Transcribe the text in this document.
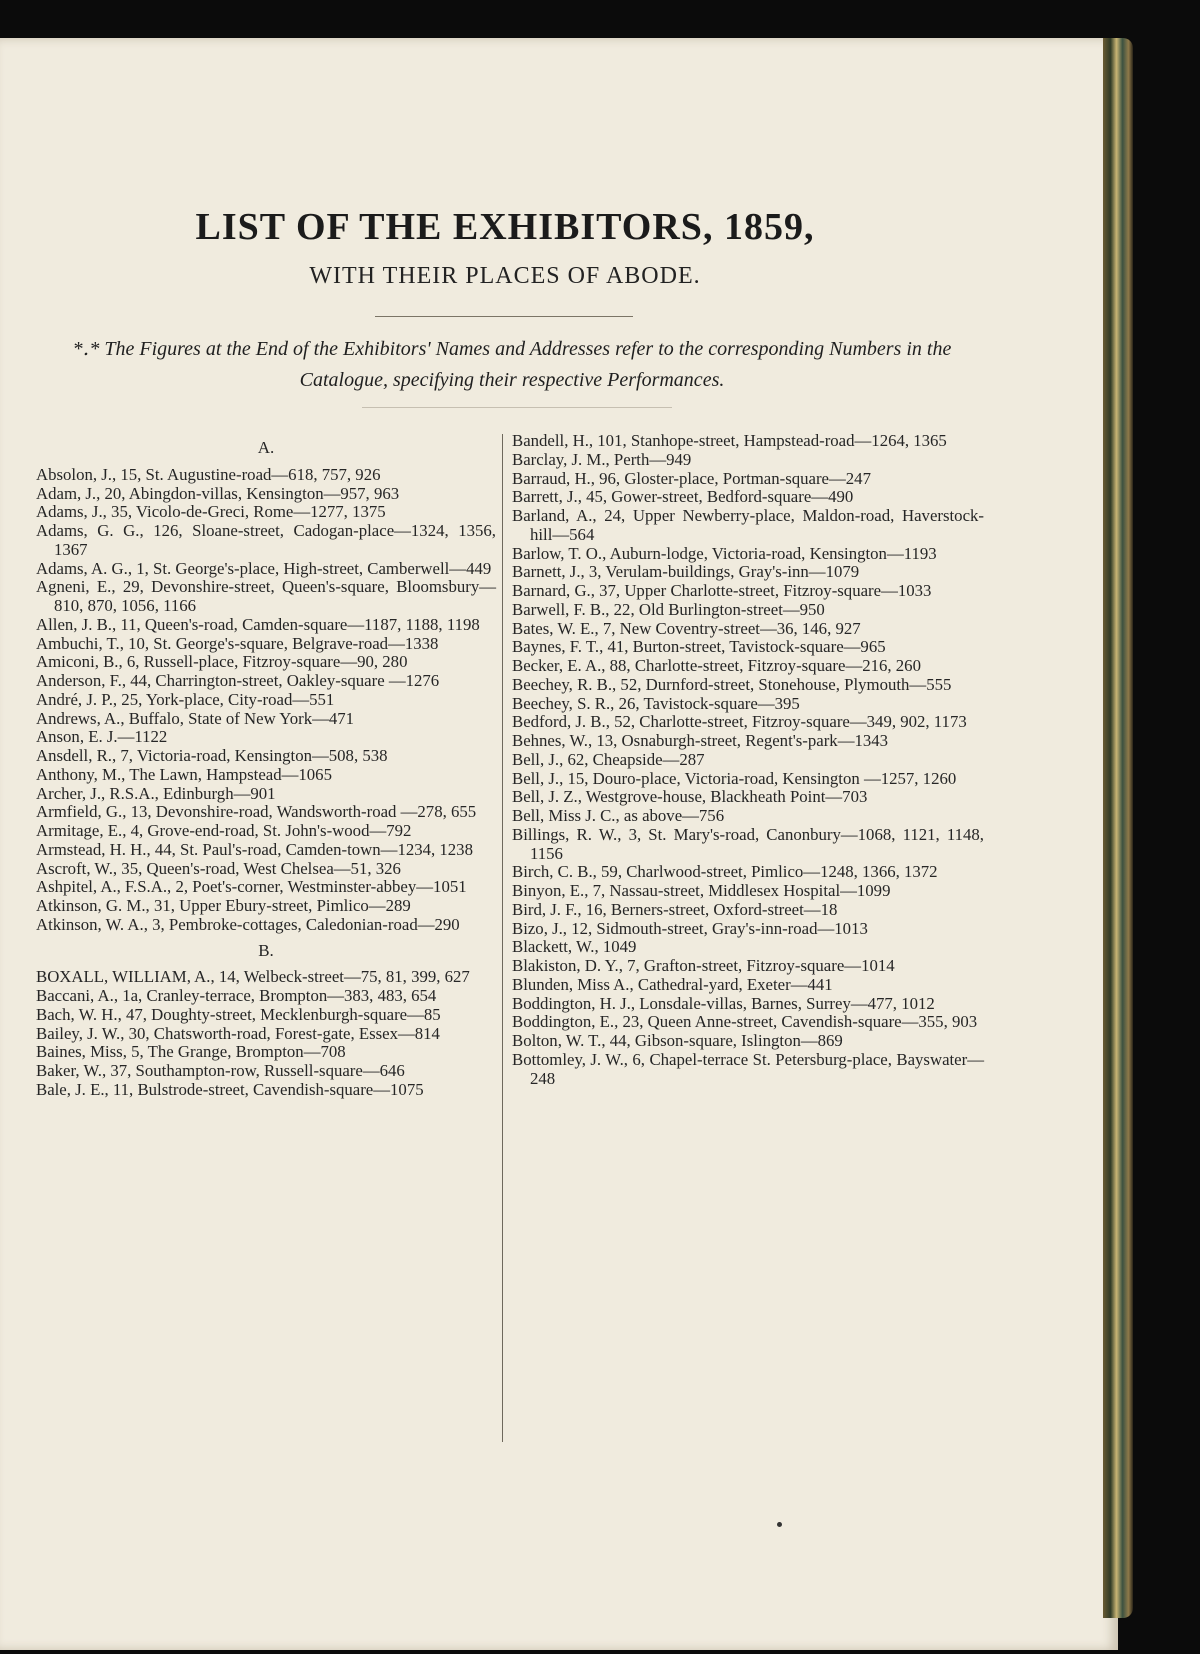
LIST OF THE EXHIBITORS, 1859,
WITH THEIR PLACES OF ABODE.
*․* The Figures at the End of the Exhibitors' Names and Addresses refer to the corresponding Numbers in the Catalogue, specifying their respective Performances.
A.
Absolon, J., 15, St. Augustine-road—618, 757, 926
Adam, J., 20, Abingdon-villas, Kensington—957, 963
Adams, J., 35, Vicolo-de-Greci, Rome—1277, 1375
Adams, G. G., 126, Sloane-street, Cadogan-place—1324, 1356, 1367
Adams, A. G., 1, St. George's-place, High-street, Camberwell—449
Agneni, E., 29, Devonshire-street, Queen's-square, Bloomsbury—810, 870, 1056, 1166
Allen, J. B., 11, Queen's-road, Camden-square—1187, 1188, 1198
Ambuchi, T., 10, St. George's-square, Belgrave-road—1338
Amiconi, B., 6, Russell-place, Fitzroy-square—90, 280
Anderson, F., 44, Charrington-street, Oakley-square —1276
André, J. P., 25, York-place, City-road—551
Andrews, A., Buffalo, State of New York—471
Anson, E. J.—1122
Ansdell, R., 7, Victoria-road, Kensington—508, 538
Anthony, M., The Lawn, Hampstead—1065
Archer, J., R.S.A., Edinburgh—901
Armfield, G., 13, Devonshire-road, Wandsworth-road —278, 655
Armitage, E., 4, Grove-end-road, St. John's-wood—792
Armstead, H. H., 44, St. Paul's-road, Camden-town—1234, 1238
Ascroft, W., 35, Queen's-road, West Chelsea—51, 326
Ashpitel, A., F.S.A., 2, Poet's-corner, Westminster-abbey—1051
Atkinson, G. M., 31, Upper Ebury-street, Pimlico—289
Atkinson, W. A., 3, Pembroke-cottages, Caledonian-road—290
B.
BOXALL, WILLIAM, A., 14, Welbeck-street—75, 81, 399, 627
Baccani, A., 1a, Cranley-terrace, Brompton—383, 483, 654
Bach, W. H., 47, Doughty-street, Mecklenburgh-square—85
Bailey, J. W., 30, Chatsworth-road, Forest-gate, Essex—814
Baines, Miss, 5, The Grange, Brompton—708
Baker, W., 37, Southampton-row, Russell-square—646
Bale, J. E., 11, Bulstrode-street, Cavendish-square—1075
Bandell, H., 101, Stanhope-street, Hampstead-road—1264, 1365
Barclay, J. M., Perth—949
Barraud, H., 96, Gloster-place, Portman-square—247
Barrett, J., 45, Gower-street, Bedford-square—490
Barland, A., 24, Upper Newberry-place, Maldon-road, Haverstock-hill—564
Barlow, T. O., Auburn-lodge, Victoria-road, Kensington—1193
Barnett, J., 3, Verulam-buildings, Gray's-inn—1079
Barnard, G., 37, Upper Charlotte-street, Fitzroy-square—1033
Barwell, F. B., 22, Old Burlington-street—950
Bates, W. E., 7, New Coventry-street—36, 146, 927
Baynes, F. T., 41, Burton-street, Tavistock-square—965
Becker, E. A., 88, Charlotte-street, Fitzroy-square—216, 260
Beechey, R. B., 52, Durnford-street, Stonehouse, Plymouth—555
Beechey, S. R., 26, Tavistock-square—395
Bedford, J. B., 52, Charlotte-street, Fitzroy-square—349, 902, 1173
Behnes, W., 13, Osnaburgh-street, Regent's-park—1343
Bell, J., 62, Cheapside—287
Bell, J., 15, Douro-place, Victoria-road, Kensington —1257, 1260
Bell, J. Z., Westgrove-house, Blackheath Point—703
Bell, Miss J. C., as above—756
Billings, R. W., 3, St. Mary's-road, Canonbury—1068, 1121, 1148, 1156
Birch, C. B., 59, Charlwood-street, Pimlico—1248, 1366, 1372
Binyon, E., 7, Nassau-street, Middlesex Hospital—1099
Bird, J. F., 16, Berners-street, Oxford-street—18
Bizo, J., 12, Sidmouth-street, Gray's-inn-road—1013
Blackett, W., 1049
Blakiston, D. Y., 7, Grafton-street, Fitzroy-square—1014
Blunden, Miss A., Cathedral-yard, Exeter—441
Boddington, H. J., Lonsdale-villas, Barnes, Surrey—477, 1012
Boddington, E., 23, Queen Anne-street, Cavendish-square—355, 903
Bolton, W. T., 44, Gibson-square, Islington—869
Bottomley, J. W., 6, Chapel-terrace St. Petersburg-place, Bayswater—248
